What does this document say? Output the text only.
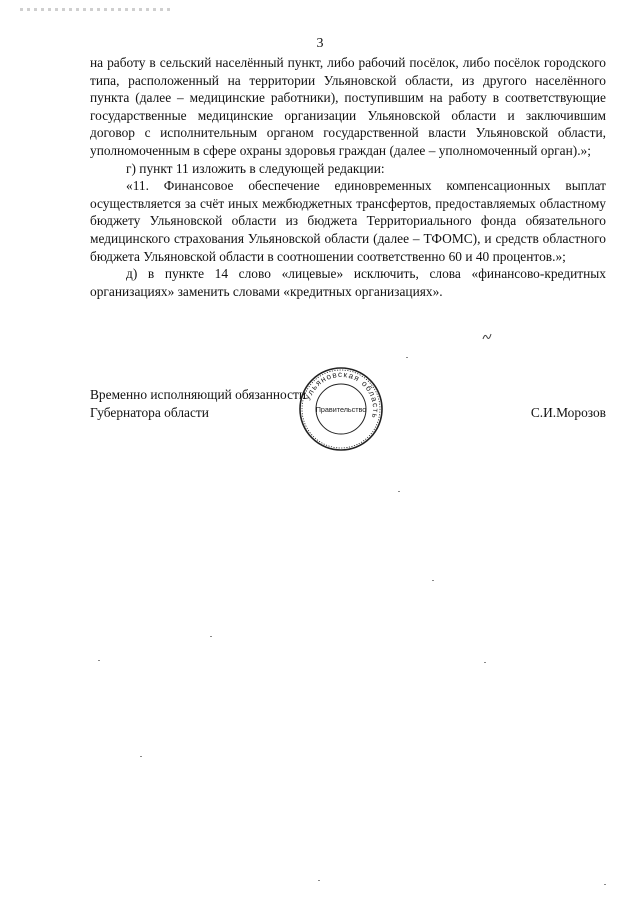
3

на работу в сельский населённый пункт, либо рабочий посёлок, либо посёлок городского типа, расположенный на территории Ульяновской области, из другого населённого пункта (далее – медицинские работники), поступившим на работу в соответствующие государственные медицинские организации Ульяновской области и заключившим договор с исполнительным органом государственной власти Ульяновской области, уполномоченным в сфере охраны здоровья граждан (далее – уполномоченный орган).»;

г) пункт 11 изложить в следующей редакции:

«11. Финансовое обеспечение единовременных компенсационных выплат осуществляется за счёт иных межбюджетных трансфертов, предоставляемых областному бюджету Ульяновской области из бюджета Территориального фонда обязательного медицинского страхования Ульяновской области (далее – ТФОМС), и средств областного бюджета Ульяновской области в соотношении соответственно 60 и 40 процентов.»;

д) в пункте 14 слово «лицевые» исключить, слова «финансово-кредитных организациях» заменить словами «кредитных организациях».

Временно исполняющий обязанности
Губернатора области	С.И.Морозов
Ульяновская область
Правительство
